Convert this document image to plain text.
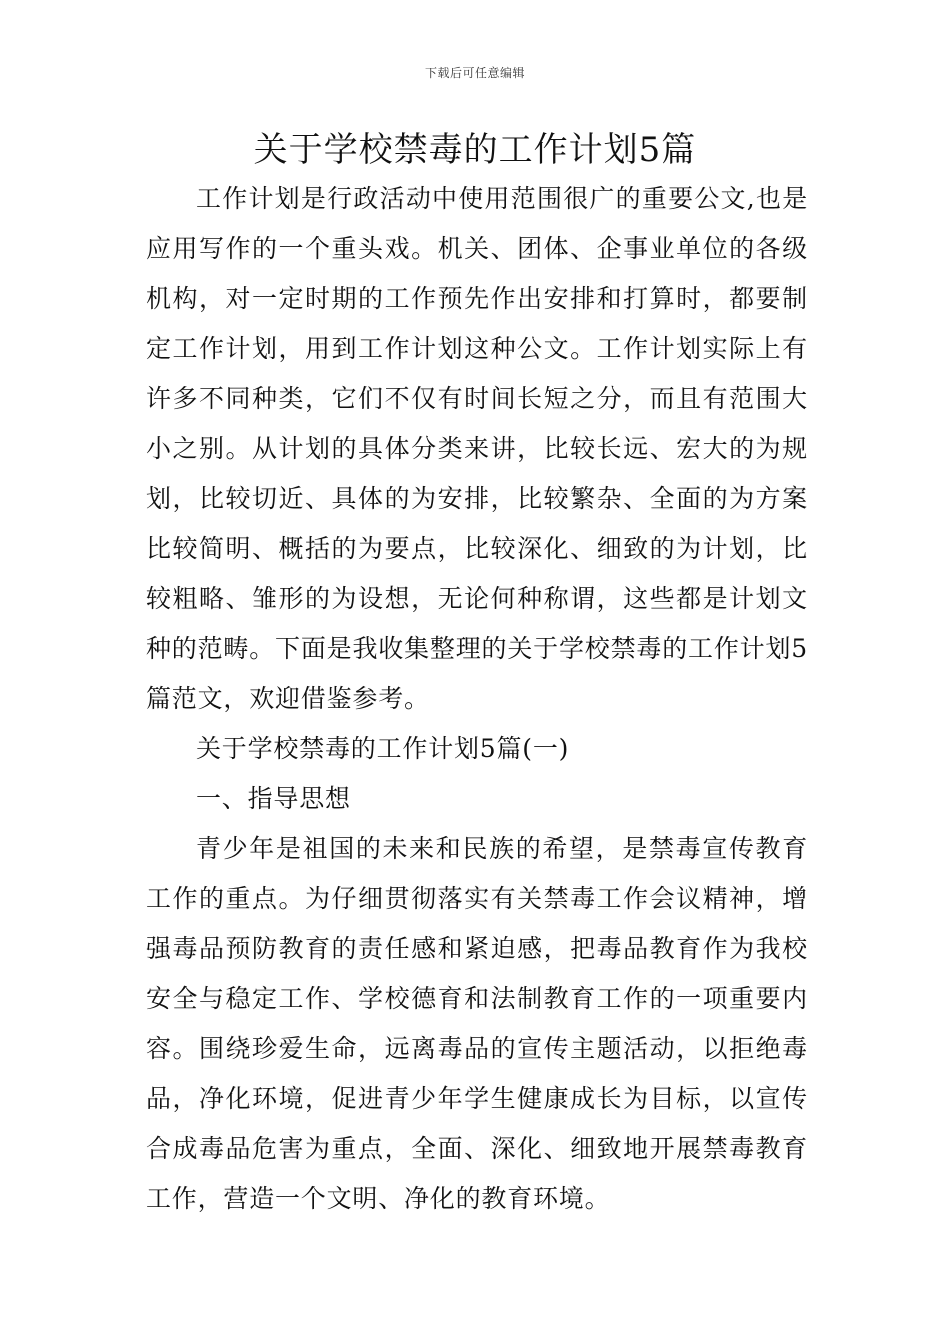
下载后可任意编辑
关于学校禁毒的工作计划5篇

工作计划是行政活动中使用范围很广的重要公文,也是应用写作的一个重头戏。机关、团体、企事业单位的各级机构，对一定时期的工作预先作出安排和打算时，都要制定工作计划，用到工作计划这种公文。工作计划实际上有许多不同种类，它们不仅有时间长短之分，而且有范围大小之别。从计划的具体分类来讲，比较长远、宏大的为规划，比较切近、具体的为安排，比较繁杂、全面的为方案比较简明、概括的为要点，比较深化、细致的为计划，比较粗略、雏形的为设想，无论何种称谓，这些都是计划文种的范畴。下面是我收集整理的关于学校禁毒的工作计划5篇范文，欢迎借鉴参考。

关于学校禁毒的工作计划5篇(一)

一、指导思想

青少年是祖国的未来和民族的希望，是禁毒宣传教育工作的重点。为仔细贯彻落实有关禁毒工作会议精神，增强毒品预防教育的责任感和紧迫感，把毒品教育作为我校安全与稳定工作、学校德育和法制教育工作的一项重要内容。围绕珍爱生命，远离毒品的宣传主题活动，以拒绝毒品，净化环境，促进青少年学生健康成长为目标，以宣传合成毒品危害为重点，全面、深化、细致地开展禁毒教育工作，营造一个文明、净化的教育环境。
